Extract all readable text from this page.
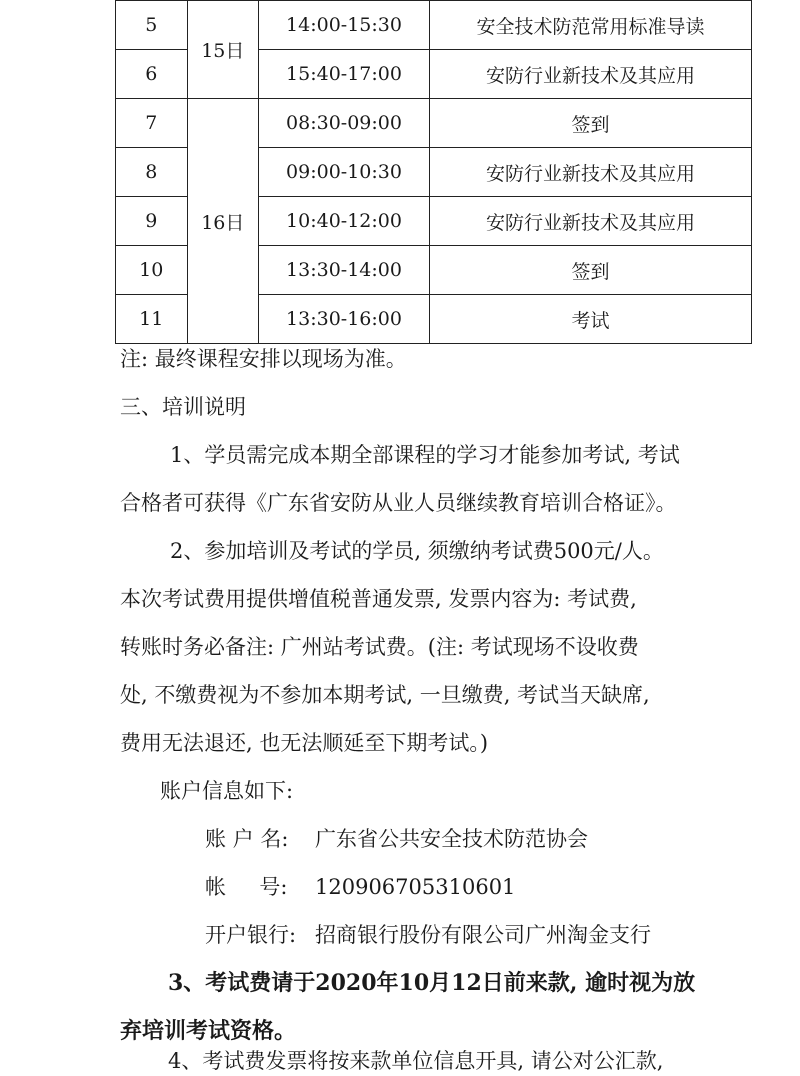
5	15日	14:00-15:30	安全技术防范常用标准导读
6		15:40-17:00	安防行业新技术及其应用
7	16日	08:30-09:00	签到
8		09:00-10:30	安防行业新技术及其应用
9		10:40-12:00	安防行业新技术及其应用
10		13:30-14:00	签到
11		13:30-16:00	考试
注: 最终课程安排以现场为准。
三、培训说明
1、学员需完成本期全部课程的学习才能参加考试, 考试
合格者可获得《广东省安防从业人员继续教育培训合格证》。
2、参加培训及考试的学员, 须缴纳考试费500元/人。
本次考试费用提供增值税普通发票, 发票内容为: 考试费,
转账时务必备注: 广州站考试费。(注: 考试现场不设收费
处, 不缴费视为不参加本期考试, 一旦缴费, 考试当天缺席,
费用无法退还, 也无法顺延至下期考试。)
账户信息如下:
账 户 名: 广东省公共安全技术防范协会
帐     号: 120906705310601
开户银行: 招商银行股份有限公司广州淘金支行
3、考试费请于2020年10月12日前来款, 逾时视为放
弃培训考试资格。
4、考试费发票将按来款单位信息开具, 请公对公汇款,
